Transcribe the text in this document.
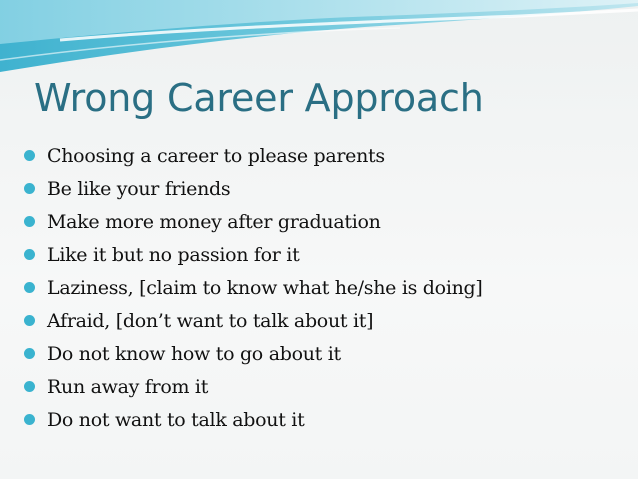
Wrong Career Approach
Choosing a career to please parents
Be like your friends
Make more money after graduation
Like it but no passion for it
Laziness, [claim to know what he/she is doing]
Afraid, [don’t want to talk about it]
Do not know how to go about it
Run away from it
Do not want to talk about it
